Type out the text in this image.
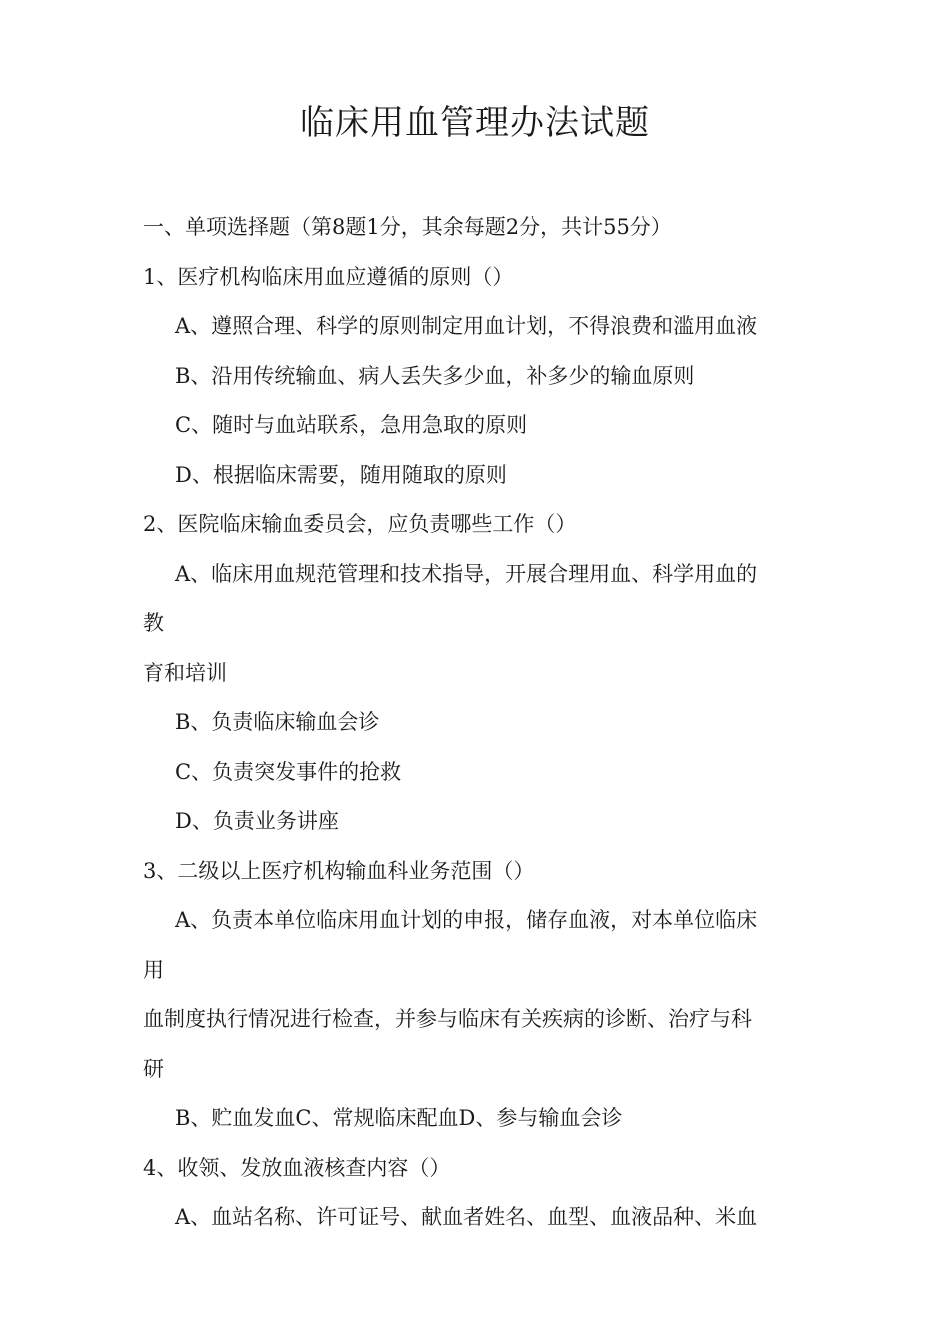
临床用血管理办法试题
一、单项选择题（第8题1分，其余每题2分，共计55分）
1、医疗机构临床用血应遵循的原则（）
A、遵照合理、科学的原则制定用血计划，不得浪费和滥用血液
B、沿用传统输血、病人丢失多少血，补多少的输血原则
C、随时与血站联系，急用急取的原则
D、根据临床需要，随用随取的原则
2、医院临床输血委员会，应负责哪些工作（）
A、临床用血规范管理和技术指导，开展合理用血、科学用血的
教
育和培训
B、负责临床输血会诊
C、负责突发事件的抢救
D、负责业务讲座
3、二级以上医疗机构输血科业务范围（）
A、负责本单位临床用血计划的申报，储存血液，对本单位临床
用
血制度执行情况进行检查，并参与临床有关疾病的诊断、治疗与科
研
B、贮血发血C、常规临床配血D、参与输血会诊
4、收领、发放血液核查内容（）
A、血站名称、许可证号、献血者姓名、血型、血液品种、米血
